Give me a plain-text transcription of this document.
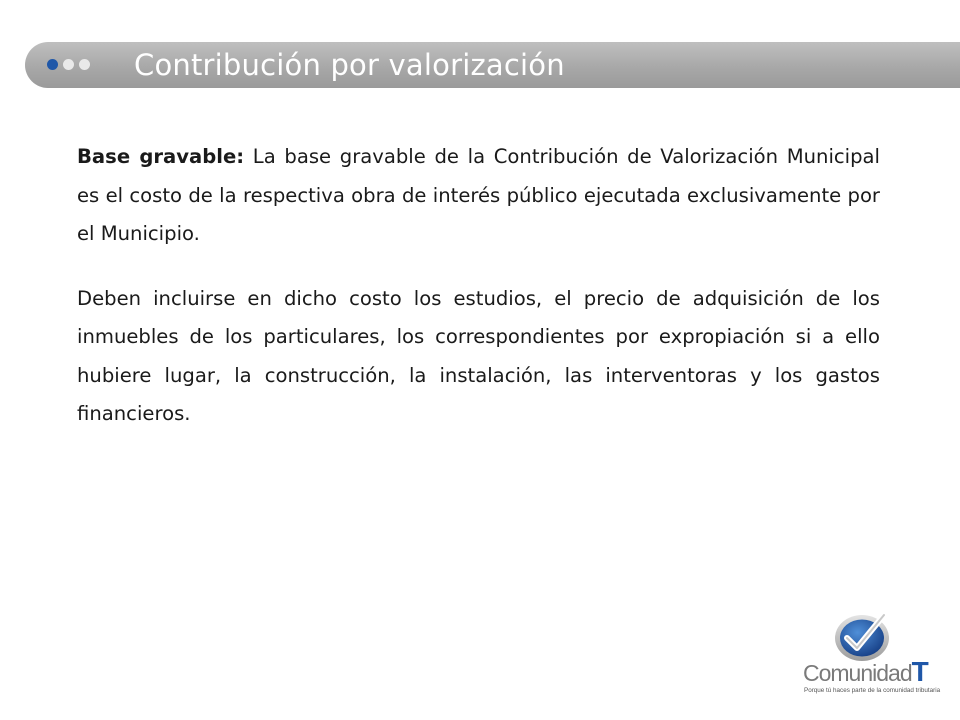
Contribución por valorización

Base gravable: La base gravable de la Contribución de Valorización Municipal es el costo de la respectiva obra de interés público ejecutada exclusivamente por el Municipio.

Deben incluirse en dicho costo los estudios, el precio de adquisición de los inmuebles de los particulares, los correspondientes por expropiación si a ello hubiere lugar, la construcción, la instalación, las interventoras y los gastos financieros.

ComunidadT
Porque tú haces parte de la comunidad tributaria
